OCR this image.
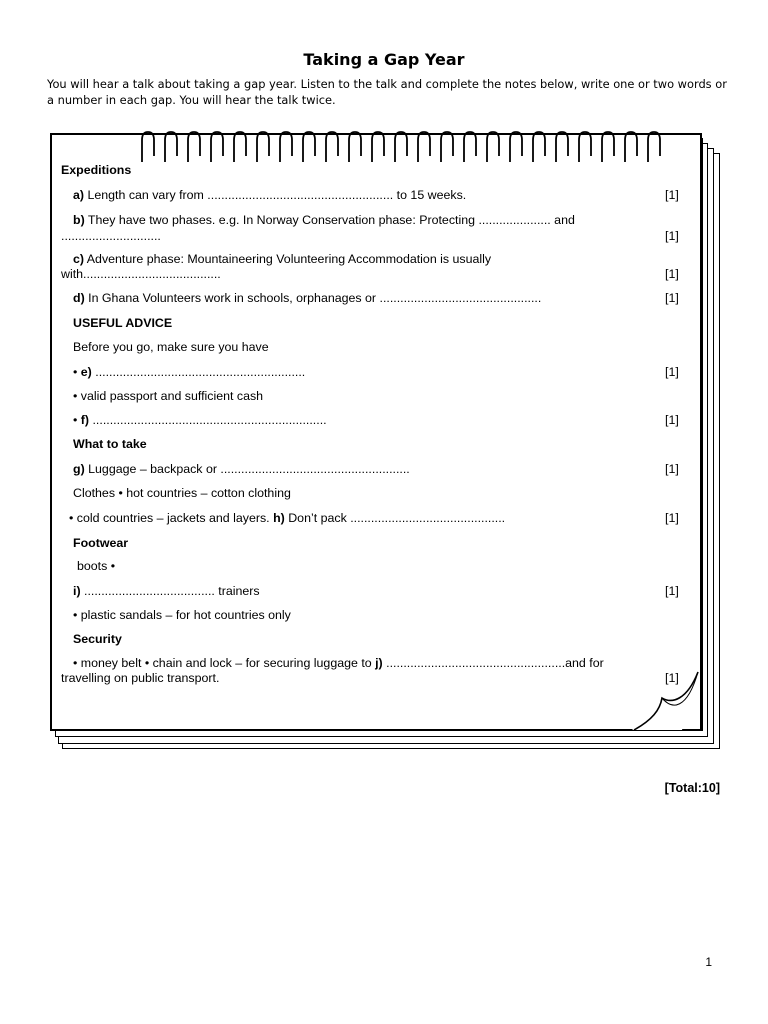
Taking a Gap Year
You will hear a talk about taking a gap year. Listen to the talk and complete the notes below, write one or two words or a number in each gap. You will hear the talk twice.
Expeditions
a) Length can vary from ...................................................... to 15 weeks.	[1]
b) They have two phases. e.g. In Norway Conservation phase: Protecting ..................... and
.............................	[1]
c) Adventure phase: Mountaineering Volunteering Accommodation is usually
with........................................	[1]
d) In Ghana Volunteers work in schools, orphanages or ...............................................	[1]
USEFUL ADVICE
Before you go, make sure you have
• e) .............................................................	[1]
• valid passport and sufficient cash
• f) ....................................................................	[1]
What to take
g) Luggage – backpack or .......................................................	[1]
Clothes • hot countries – cotton clothing
• cold countries – jackets and layers. h) Don’t pack .............................................	[1]
Footwear
boots •
i) ...................................... trainers	[1]
• plastic sandals – for hot countries only
Security
• money belt • chain and lock – for securing luggage to j) ....................................................and for
travelling on public transport.	[1]
[Total:10]
1
